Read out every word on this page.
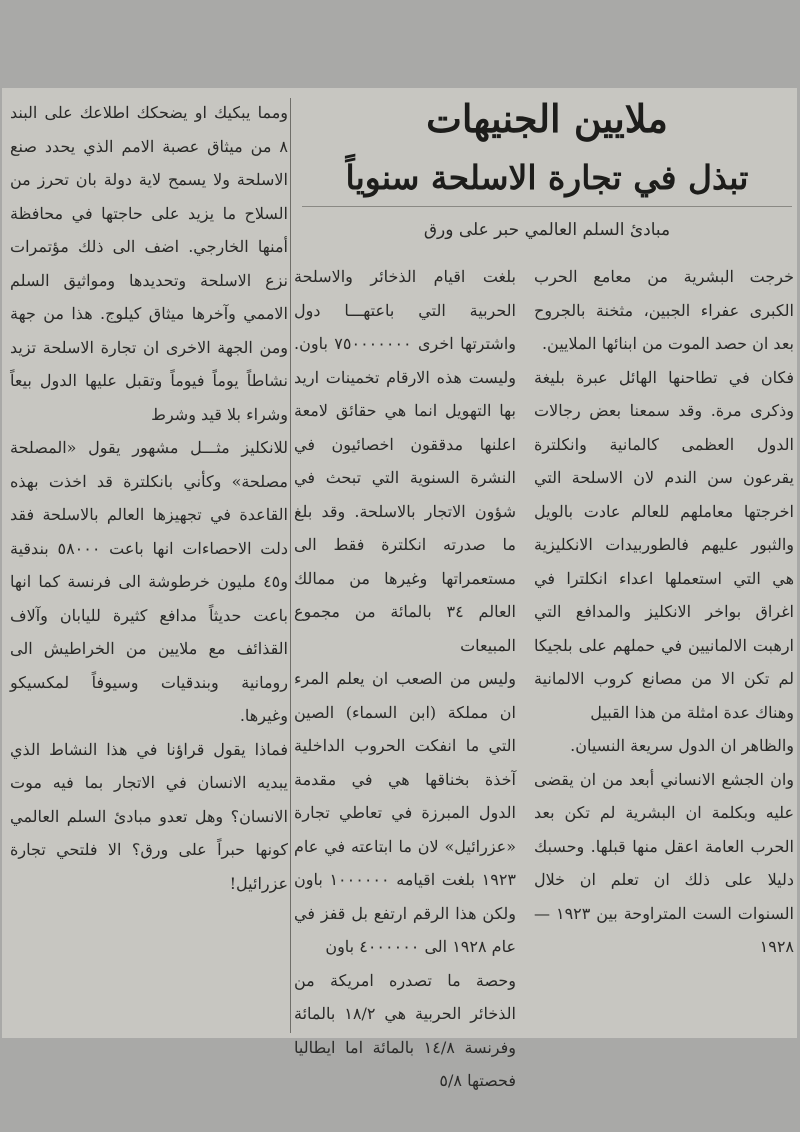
ملايين الجنيهات
تبذل في تجارة الاسلحة سنوياً
مبادئ السلم العالمي حبر على ورق

خرجت البشرية من معامع الحرب الكبرى عفراء الجبين، مثخنة بالجروح بعد ان حصد الموت من ابنائها الملايين.

فكان في تطاحنها الهائل عبرة بليغة وذكرى مرة. وقد سمعنا بعض رجالات الدول العظمى كالمانية وانكلترة يقرعون سن الندم لان الاسلحة التي اخرجتها معاملهم للعالم عادت بالويل والثبور عليهم فالطوربيدات الانكليزية هي التي استعملها اعداء انكلترا في اغراق بواخر الانكليز والمدافع التي ارهبت الالمانيين في حملهم على بلجيكا لم تكن الا من مصانع كروب الالمانية وهناك عدة امثلة من هذا القبيل

والظاهر ان الدول سريعة النسيان.

وان الجشع الانساني أبعد من ان يقضى عليه وبكلمة ان البشرية لم تكن بعد الحرب العامة اعقل منها قبلها. وحسبك دليلا على ذلك ان تعلم ان خلال السنوات الست المتراوحة بين ١٩٢٣ — ١٩٢٨

بلغت اقيام الذخائر والاسلحة الحربية التي باعتهـــا دول واشترتها اخرى ٧٥٠٠٠٠٠٠٠ باون. وليست هذه الارقام تخمينات اريد بها التهويل انما هي حقائق لامعة اعلنها مدققون اخصائيون في النشرة السنوية التي تبحث في شؤون الاتجار بالاسلحة. وقد بلغ ما صدرته انكلترة فقط الى مستعمراتها وغيرها من ممالك العالم ٣٤ بالمائة من مجموع المبيعات

وليس من الصعب ان يعلم المرء ان مملكة (ابن السماء) الصين التي ما انفكت الحروب الداخلية آخذة بخناقها هي في مقدمة الدول المبرزة في تعاطي تجارة «عزرائيل» لان ما ابتاعته في عام ١٩٢٣ بلغت اقيامه ١٠٠٠٠٠٠ باون ولكن هذا الرقم ارتفع بل قفز في عام ١٩٢٨ الى ٤٠٠٠٠٠٠ باون

وحصة ما تصدره امريكة من الذخائر الحربية هي ١٨/٢ بالمائة وفرنسة ١٤/٨ بالمائة اما ايطاليا فحصتها ٥/٨

ومما يبكيك او يضحكك اطلاعك على البند ٨ من ميثاق عصبة الامم الذي يحدد صنع الاسلحة ولا يسمح لاية دولة بان تحرز من السلاح ما يزيد على حاجتها في محافظة أمنها الخارجي. اضف الى ذلك مؤتمرات نزع الاسلحة وتحديدها ومواثيق السلم الاممي وآخرها ميثاق كيلوج. هذا من جهة ومن الجهة الاخرى ان تجارة الاسلحة تزيد نشاطاً يوماً فيوماً وتقبل عليها الدول بيعاً وشراء بلا قيد وشرط

للانكليز مثـــل مشهور يقول «المصلحة مصلحة» وكأني بانكلترة قد اخذت بهذه القاعدة في تجهيزها العالم بالاسلحة فقد دلت الاحصاءات انها باعت ٥٨٠٠٠ بندقية و٤٥ مليون خرطوشة الى فرنسة كما انها باعت حديثاً مدافع كثيرة لليابان وآلاف القذائف مع ملايين من الخراطيش الى رومانية وبندقيات وسيوفاً لمكسيكو وغيرها.

فماذا يقول قراؤنا في هذا النشاط الذي يبديه الانسان في الاتجار بما فيه موت الانسان؟ وهل تعدو مبادئ السلم العالمي كونها حبراً على ورق؟ الا فلتحي تجارة عزرائيل!
